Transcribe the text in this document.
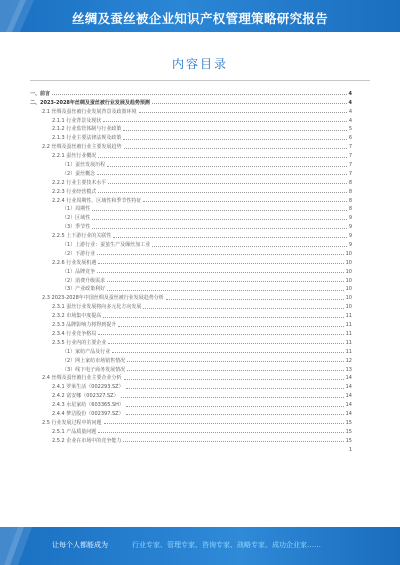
丝绸及蚕丝被企业知识产权管理策略研究报告
内容目录
一、前言	4
二、2023-2028年丝绸及蚕丝被行业发展及趋势预测	4
2.1 丝绸及蚕丝被行业发展背景及政策环境	4
2.1.1 行业背景及现状	4
2.1.2 行业监管体制与行业政策	5
2.1.3 行业主要法律法规及政策	6
2.2 丝绸及蚕丝被行业主要发展趋势	7
2.2.1 蚕丝行业概况	7
（1）蚕丝发展历程	7
（2）蚕丝概念	7
2.2.2 行业主要技术水平	8
2.2.3 行业经营模式	8
2.2.4 行业周期性、区域性和季节性特征	8
（1）周期性	8
（2）区域性	9
（3）季节性	9
2.2.5 上下游行业的关联性	9
（1）上游行业：蚕茧生产及缫丝加工业	9
（2）下游行业	10
2.2.6 行业发展机遇	10
（1）品牌竞争	10
（2）消费升级需求	10
（3）产业政策利好	10
2.3 2023-2028年中国丝绸及蚕丝被行业发展趋势分析	10
2.3.1 蚕丝行业发展将向多元化方向发展	10
2.3.2 市场集中度提高	11
2.3.3 品牌影响力将得到提升	11
2.3.4 行业竞争格局	11
2.3.5 行业内的主要企业	11
（1）家纺产品及行业	11
（2）网上家纺市场销售情况	12
（3）线下电子商务发展情况	13
2.4 丝绸及蚕丝被行业主要企业分析	14
2.4.1 罗莱生活（002293.SZ）	14
2.4.2 富安娜（002327.SZ）	14
2.4.3 水星家纺（603365.SH）	14
2.4.4 梦洁股份（002397.SZ）	14
2.5 行业发展过程中的问题	15
2.5.1 产品质量问题	15
2.5.2 企业在市场中的竞争能力	15
1
让每个人都能成为	行业专家、管理专家、咨询专家、战略专家、成功企业家……
